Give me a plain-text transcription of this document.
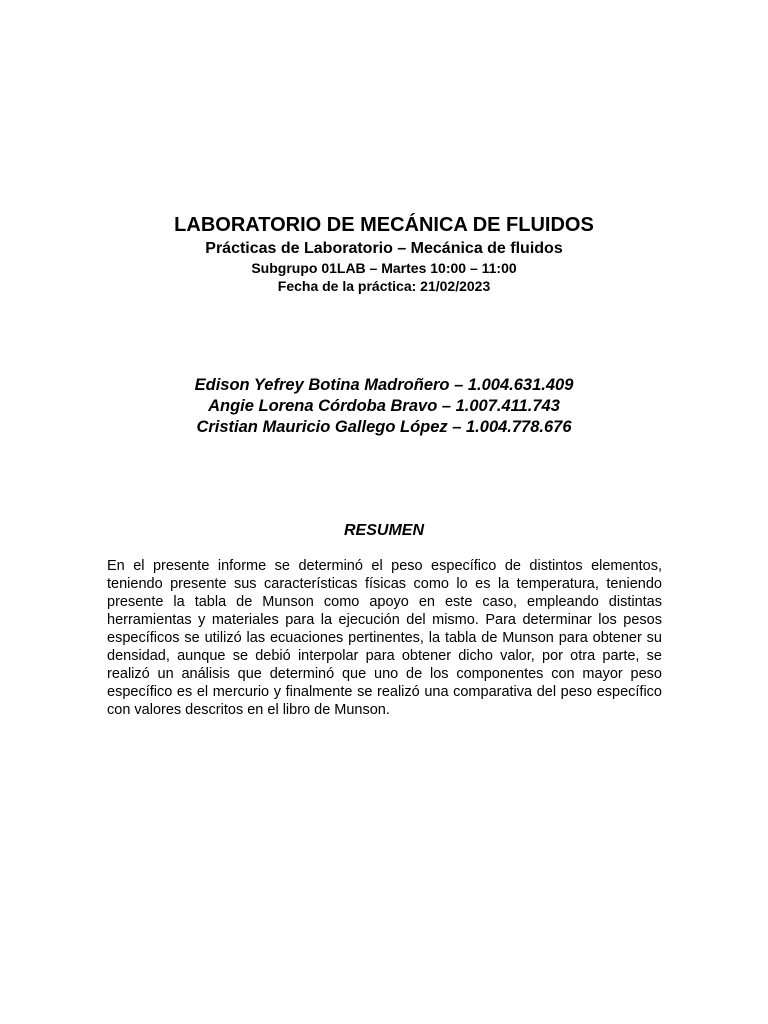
LABORATORIO DE MECÁNICA DE FLUIDOS

Prácticas de Laboratorio – Mecánica de fluidos

Subgrupo 01LAB – Martes 10:00 – 11:00

Fecha de la práctica: 21/02/2023

Edison Yefrey Botina Madroñero – 1.004.631.409

Angie Lorena Córdoba Bravo – 1.007.411.743

Cristian Mauricio Gallego López – 1.004.778.676

RESUMEN

En el presente informe se determinó el peso específico de distintos elementos, teniendo presente sus características físicas como lo es la temperatura, teniendo presente la tabla de Munson como apoyo en este caso, empleando distintas herramientas y materiales para la ejecución del mismo. Para determinar los pesos específicos se utilizó las ecuaciones pertinentes, la tabla de Munson para obtener su densidad, aunque se debió interpolar para obtener dicho valor, por otra parte, se realizó un análisis que determinó que uno de los componentes con mayor peso específico es el mercurio y finalmente se realizó una comparativa del peso específico con valores descritos en el libro de Munson.
